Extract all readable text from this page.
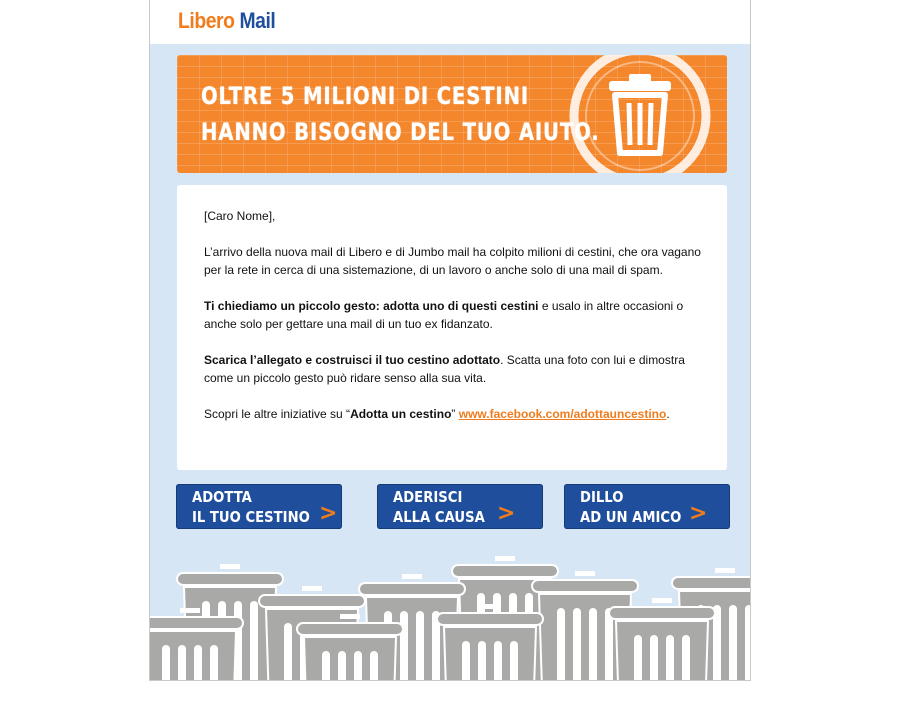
Libero Mail
OLTRE 5 MILIONI DI CESTINI
HANNO BISOGNO DEL TUO AIUTO.

[Caro Nome],

L’arrivo della nuova mail di Libero e di Jumbo mail ha colpito milioni di cestini, che ora vagano per la rete in cerca di una sistemazione, di un lavoro o anche solo di una mail di spam.

Ti chiediamo un piccolo gesto: adotta uno di questi cestini e usalo in altre occasioni o anche solo per gettare una mail di un tuo ex fidanzato.

Scarica l’allegato e costruisci il tuo cestino adottato. Scatta una foto con lui e dimostra come un piccolo gesto può ridare senso alla sua vita.

Scopri le altre iniziative su “Adotta un cestino” www.facebook.com/adottauncestino.

ADOTTA
IL TUO CESTINO >
ADERISCI
ALLA CAUSA >
DILLO
AD UN AMICO >
